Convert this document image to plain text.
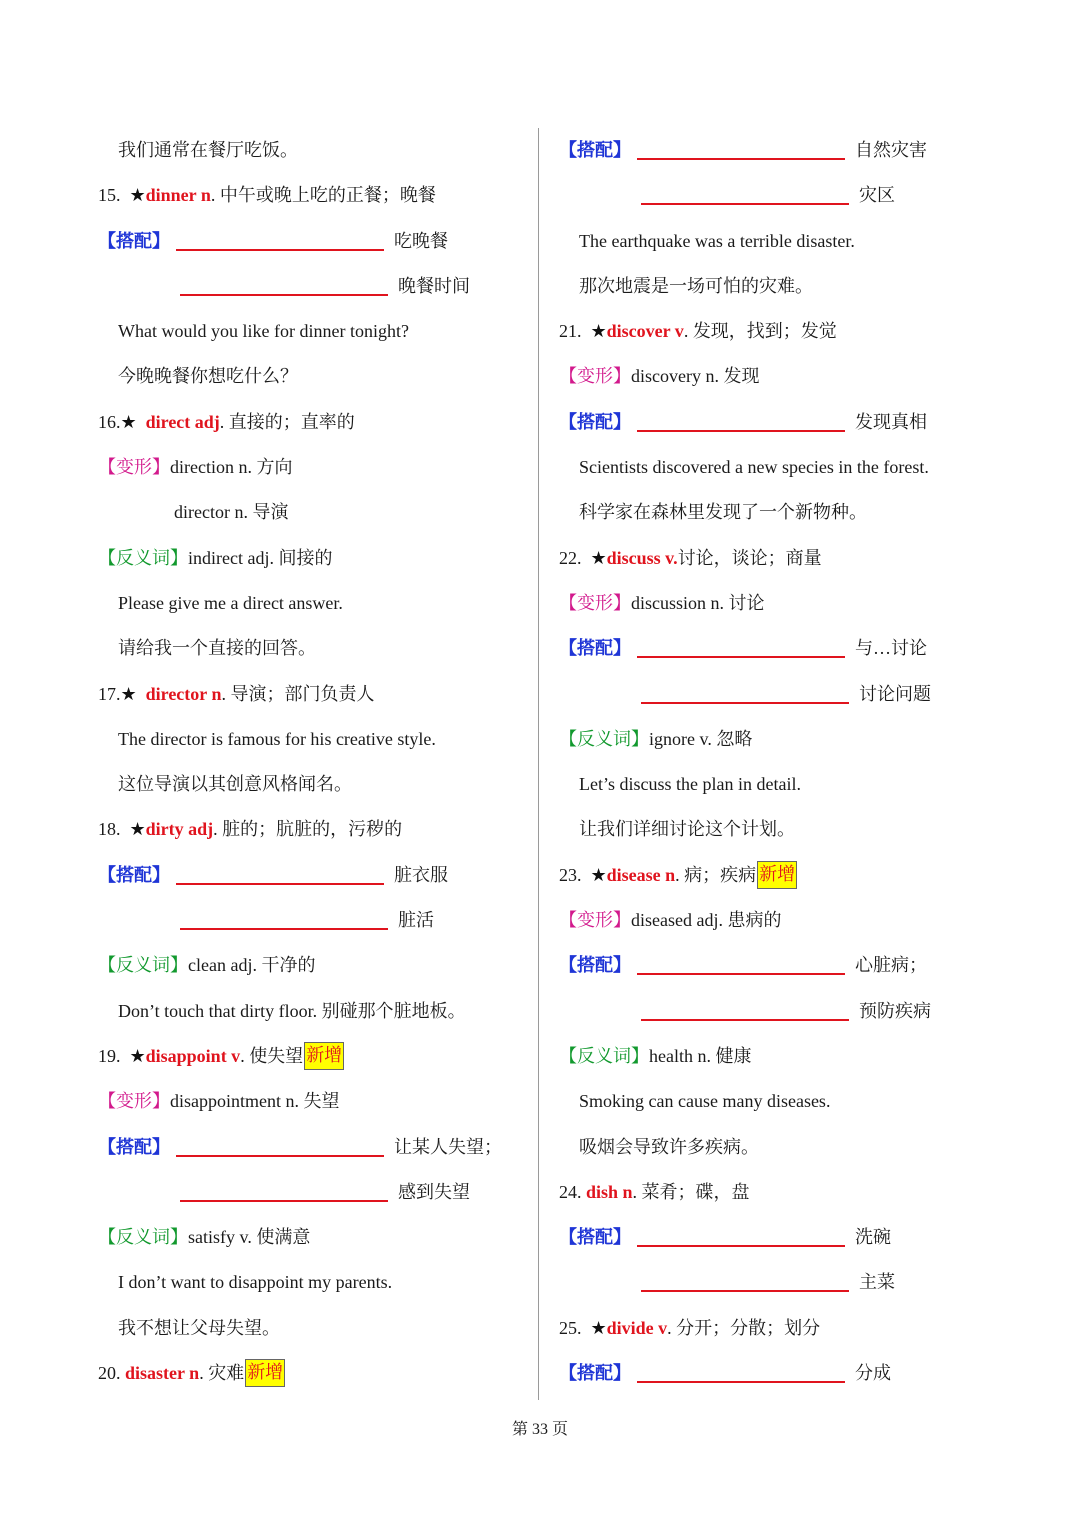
我们通常在餐厅吃饭。
15. ★dinner n. 中午或晚上吃的正餐；晚餐
【搭配】	吃晚餐
晚餐时间
What would you like for dinner tonight?
今晚晚餐你想吃什么？
16.★ direct adj. 直接的；直率的
【变形】direction n. 方向
director n. 导演
【反义词】indirect adj. 间接的
Please give me a direct answer.
请给我一个直接的回答。
17.★ director n. 导演；部门负责人
The director is famous for his creative style.
这位导演以其创意风格闻名。
18. ★dirty adj. 脏的；肮脏的，污秽的
【搭配】	脏衣服
脏活
【反义词】clean adj. 干净的
Don’t touch that dirty floor. 别碰那个脏地板。
19. ★disappoint v. 使失望 新增
【变形】disappointment n. 失望
【搭配】	让某人失望；
感到失望
【反义词】satisfy v. 使满意
I don’t want to disappoint my parents.
我不想让父母失望。
20. disaster n. 灾难 新增
【搭配】	自然灾害
灾区
The earthquake was a terrible disaster.
那次地震是一场可怕的灾难。
21. ★discover v. 发现，找到；发觉
【变形】discovery n. 发现
【搭配】	发现真相
Scientists discovered a new species in the forest.
科学家在森林里发现了一个新物种。
22. ★discuss v.讨论，谈论；商量
【变形】discussion n. 讨论
【搭配】	与…讨论
讨论问题
【反义词】ignore v. 忽略
Let’s discuss the plan in detail.
让我们详细讨论这个计划。
23. ★disease n. 病；疾病 新增
【变形】diseased adj. 患病的
【搭配】	心脏病；
预防疾病
【反义词】health n. 健康
Smoking can cause many diseases.
吸烟会导致许多疾病。
24. dish n. 菜肴；碟，盘
【搭配】	洗碗
主菜
25. ★divide v. 分开；分散；划分
【搭配】	分成
第 33 页
